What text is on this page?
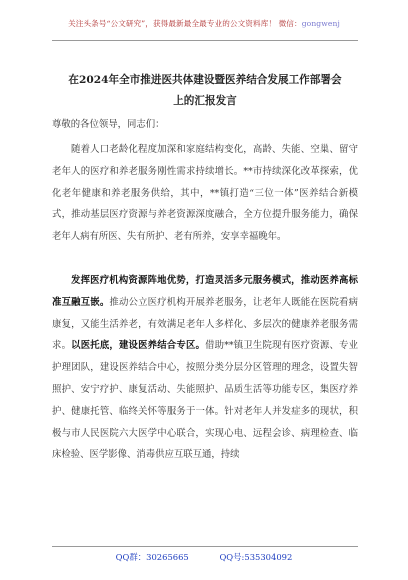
关注头条号“公文研究”，获得最新最全最专业的公文资料库！ 微信：gongwenj
在2024年全市推进医共体建设暨医养结合发展工作部署会
上的汇报发言
尊敬的各位领导，同志们：
随着人口老龄化程度加深和家庭结构变化，高龄、失能、空巢、留守老年人的医疗和养老服务刚性需求持续增长。**市持续深化改革探索，优化老年健康和养老服务供给，其中，**镇打造“三位一体”医养结合新模式，推动基层医疗资源与养老资源深度融合，全方位提升服务能力，确保老年人病有所医、失有所护、老有所养，安享幸福晚年。
发挥医疗机构资源阵地优势，打造灵活多元服务模式，推动医养高标准互融互嵌。推动公立医疗机构开展养老服务，让老年人既能在医院看病康复，又能生活养老，有效满足老年人多样化、多层次的健康养老服务需求。以医托底，建设医养结合专区。借助**镇卫生院现有医疗资源、专业护理团队，建设医养结合中心，按照分类分层分区管理的理念，设置失智照护、安宁疗护、康复活动、失能照护、品质生活等功能专区，集医疗养护、健康托管、临终关怀等服务于一体。针对老年人并发症多的现状，积极与市人民医院六大医学中心联合，实现心电、远程会诊、病理检查、临床检验、医学影像、消毒供应互联互通，持续
QQ群：30265665	QQ号:535304092
